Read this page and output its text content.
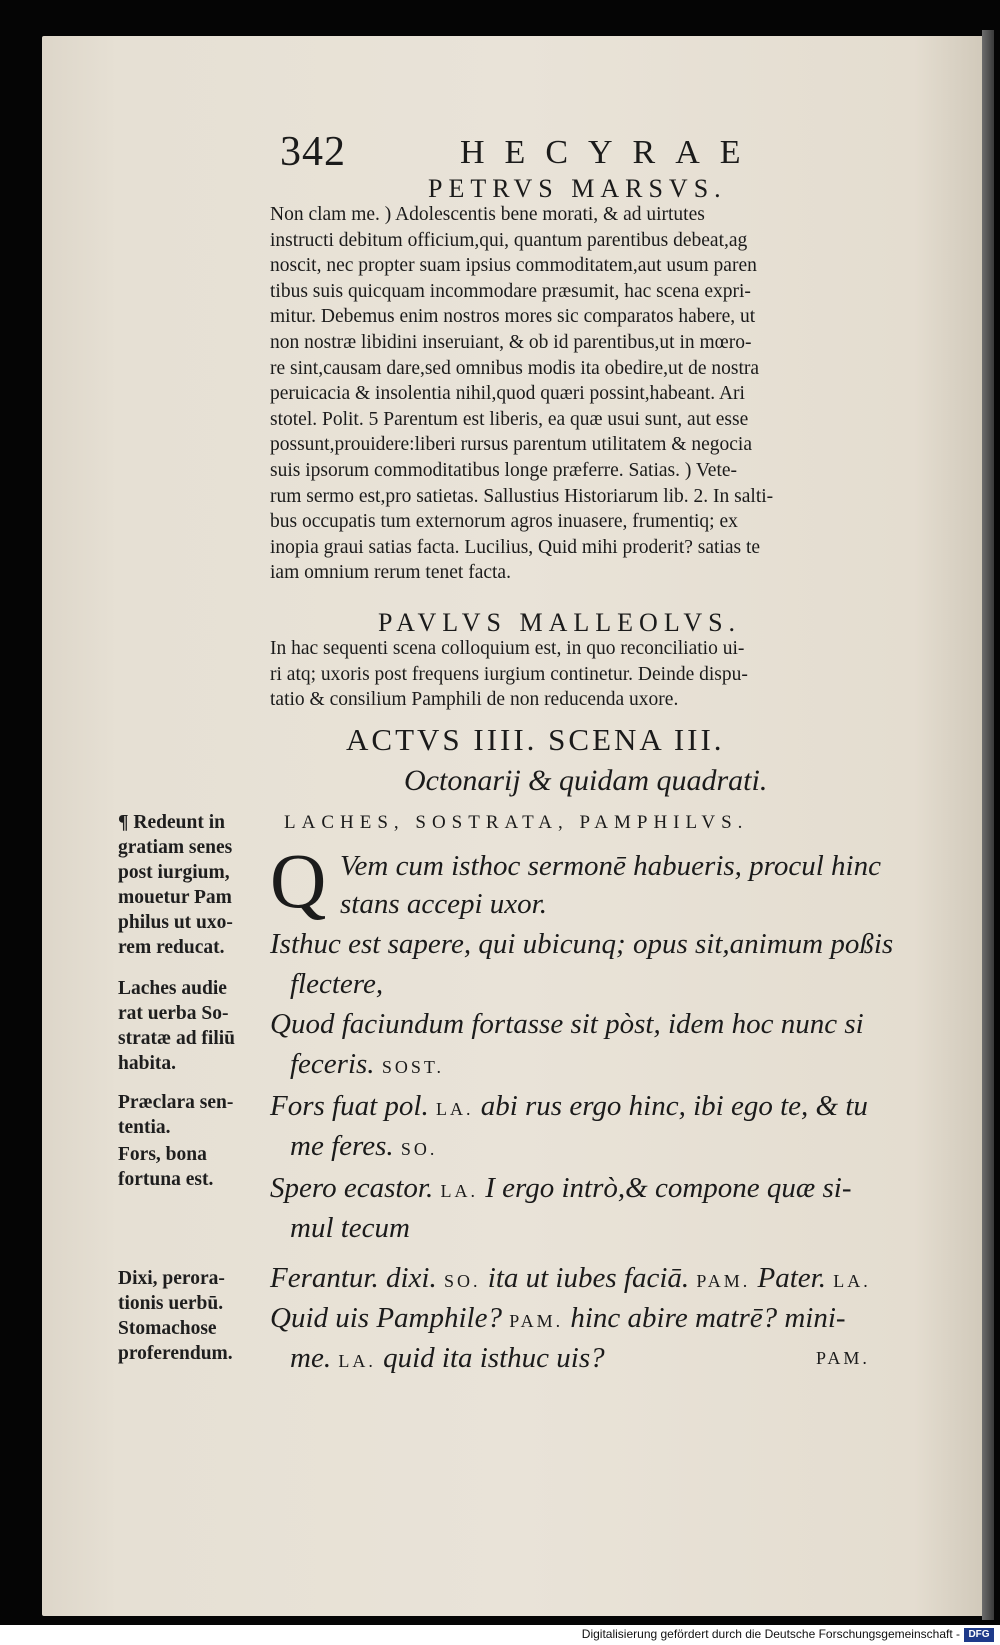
342	HECYRAE
PETRVS MARSVS.
Non clam me. ) Adolescentis bene morati, & ad uirtutes
instructi debitum officium,qui, quantum parentibus debeat,ag
noscit, nec propter suam ipsius commoditatem,aut usum paren
tibus suis quicquam incommodare præsumit, hac scena expri-
mitur. Debemus enim nostros mores sic comparatos habere, ut
non nostræ libidini inseruiant, & ob id parentibus,ut in mœro-
re sint,causam dare,sed omnibus modis ita obedire,ut de nostra
peruicacia & insolentia nihil,quod quæri possint,habeant. Ari
stotel. Polit. 5 Parentum est liberis, ea quæ usui sunt, aut esse
possunt,prouidere:liberi rursus parentum utilitatem & negocia
suis ipsorum commoditatibus longe præferre. Satias. ) Vete-
rum sermo est,pro satietas. Sallustius Historiarum lib. 2. In salti-
bus occupatis tum externorum agros inuasere, frumentiq; ex
inopia graui satias facta. Lucilius, Quid mihi proderit? satias te
iam omnium rerum tenet facta.
PAVLVS MALLEOLVS.
In hac sequenti scena colloquium est, in quo reconciliatio ui-
ri atq; uxoris post frequens iurgium continetur. Deinde dispu-
tatio & consilium Pamphili de non reducenda uxore.
ACTVS IIII. SCENA III.
Octonarij & quidam quadrati.
LACHES, SOSTRATA, PAMPHILVS.
Q Vem cum isthoc sermonē habueris, procul hinc
stans accepi uxor.
Isthuc est sapere, qui ubicunq; opus sit,animum poßis
flectere,
Quod faciundum fortasse sit pòst, idem hoc nunc si
feceris. SOST.
Fors fuat pol. LA. abi rus ergo hinc, ibi ego te, & tu
me feres. SO.
Spero ecastor. LA. I ergo intrò,& compone quæ si-
mul tecum
Ferantur. dixi. SO. ita ut iubes faciā. PAM. Pater. LA.
Quid uis Pamphile? PAM. hinc abire matrē? mini-
me. LA. quid ita isthuc uis?	PAM.
¶ Redeunt in
gratiam senes
post iurgium,
mouetur Pam
philus ut uxo-
rem reducat.
Laches audie
rat uerba So-
stratæ ad filiū
habita.
Præclara sen-
tentia.
Fors, bona
fortuna est.
Dixi, perora-
tionis uerbū.
Stomachose
proferendum.
Digitalisierung gefördert durch die Deutsche Forschungsgemeinschaft - DFG
